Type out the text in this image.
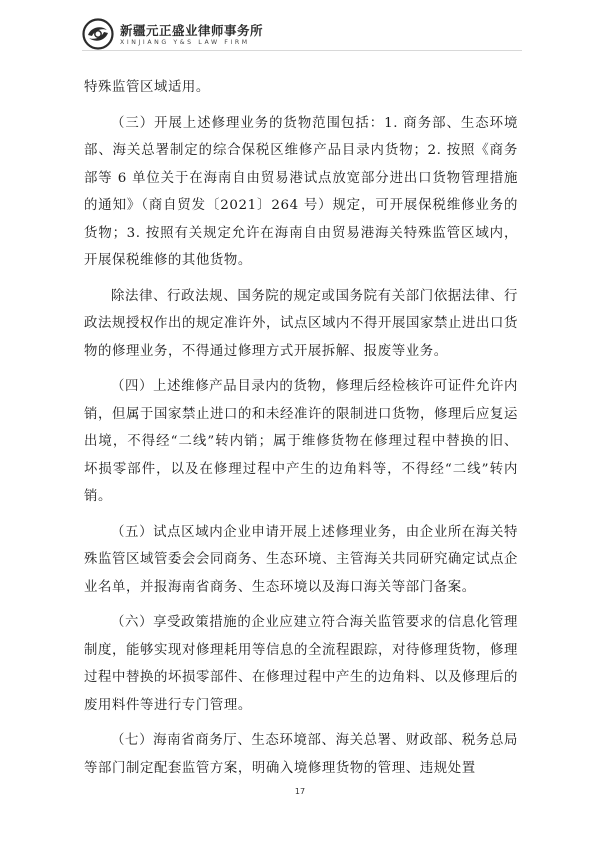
新疆元正盛业律师事务所
XINJIANG Y&S LAW FIRM

特殊监管区域适用。

（三）开展上述修理业务的货物范围包括：1. 商务部、生态环境部、海关总署制定的综合保税区维修产品目录内货物；2. 按照《商务部等 6 单位关于在海南自由贸易港试点放宽部分进出口货物管理措施的通知》（商自贸发〔2021〕264 号）规定，可开展保税维修业务的货物；3. 按照有关规定允许在海南自由贸易港海关特殊监管区域内，开展保税维修的其他货物。

除法律、行政法规、国务院的规定或国务院有关部门依据法律、行政法规授权作出的规定准许外，试点区域内不得开展国家禁止进出口货物的修理业务，不得通过修理方式开展拆解、报废等业务。

（四）上述维修产品目录内的货物，修理后经检核许可证件允许内销，但属于国家禁止进口的和未经准许的限制进口货物，修理后应复运出境，不得经“二线”转内销；属于维修货物在修理过程中替换的旧、坏损零部件，以及在修理过程中产生的边角料等，不得经“二线”转内销。

（五）试点区域内企业申请开展上述修理业务，由企业所在海关特殊监管区域管委会会同商务、生态环境、主管海关共同研究确定试点企业名单，并报海南省商务、生态环境以及海口海关等部门备案。

（六）享受政策措施的企业应建立符合海关监管要求的信息化管理制度，能够实现对修理耗用等信息的全流程跟踪，对待修理货物，修理过程中替换的坏损零部件、在修理过程中产生的边角料、以及修理后的废用料件等进行专门管理。

（七）海南省商务厅、生态环境部、海关总署、财政部、税务总局等部门制定配套监管方案，明确入境修理货物的管理、违规处置

17
